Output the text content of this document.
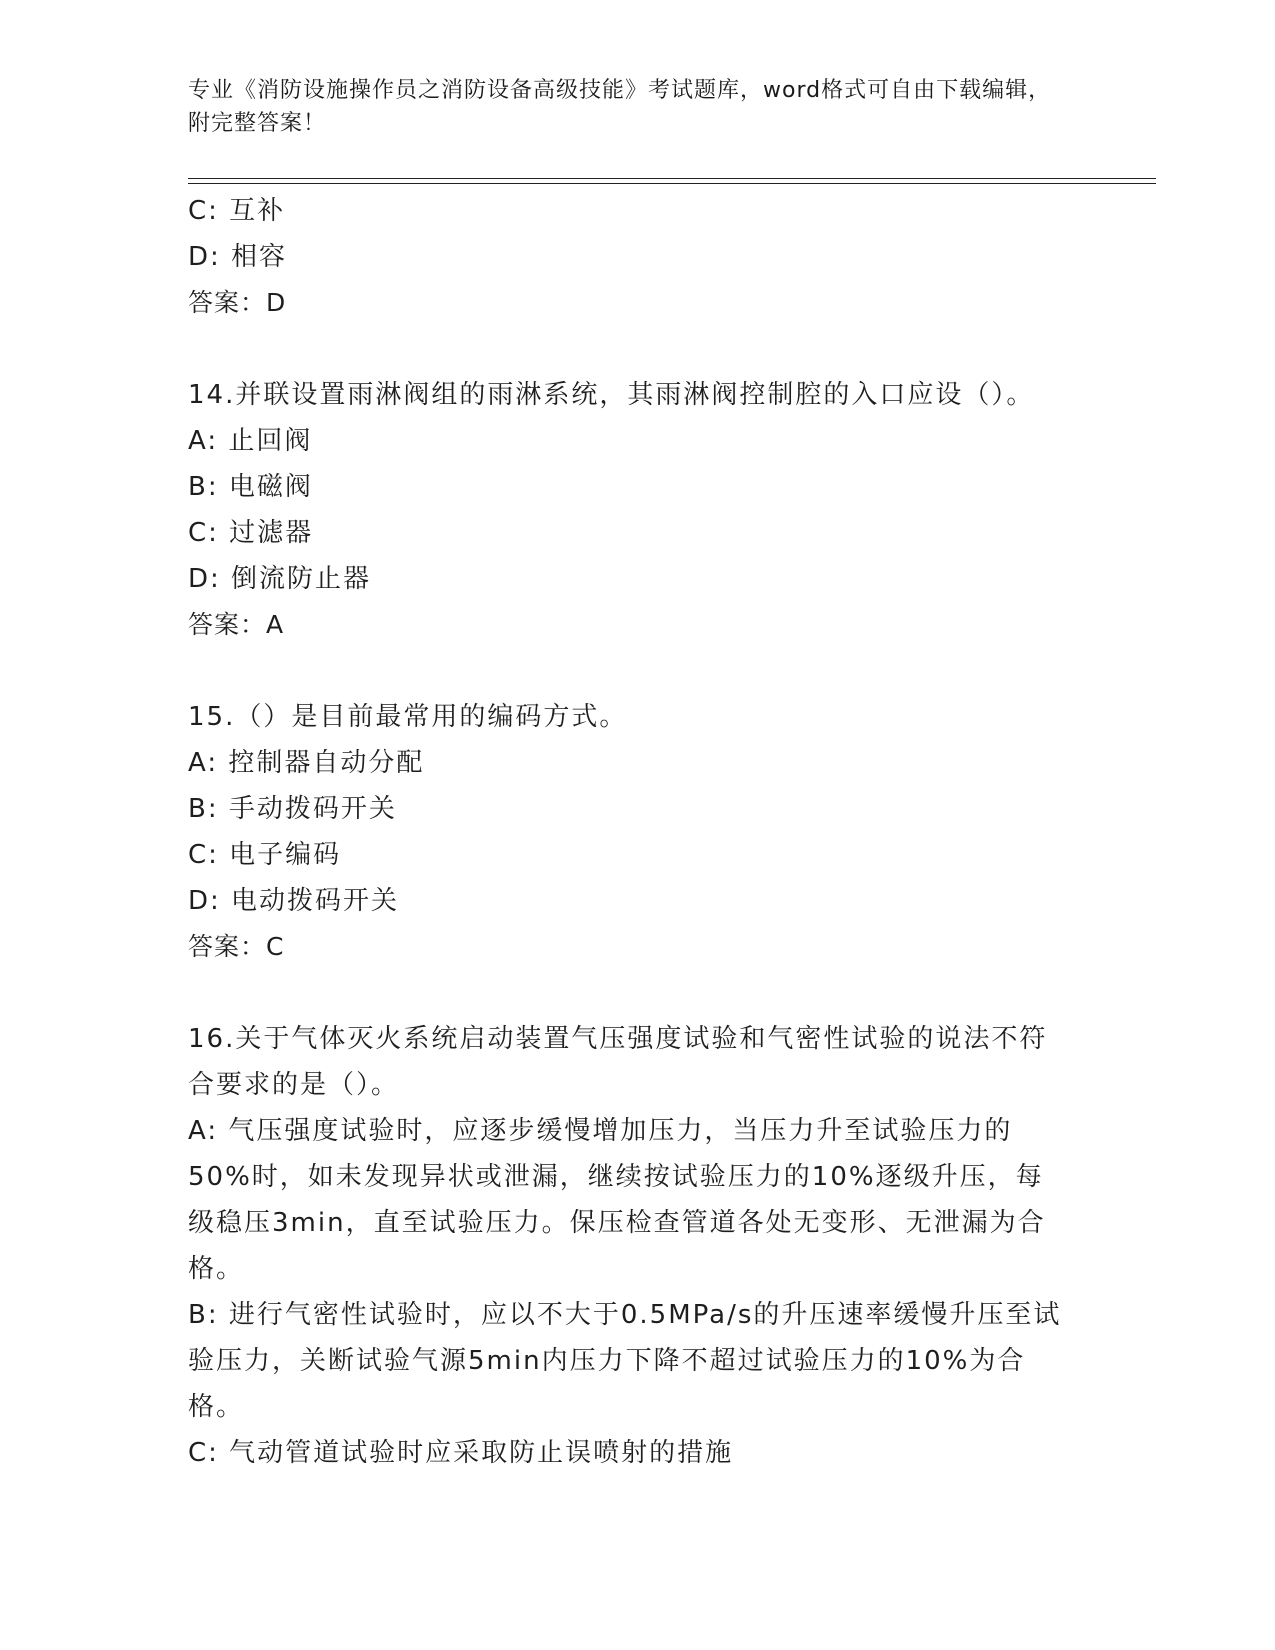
专业《消防设施操作员之消防设备高级技能》考试题库，word格式可自由下载编辑，附完整答案！
C: 互补
D: 相容
答案：D
14.并联设置雨淋阀组的雨淋系统，其雨淋阀控制腔的入口应设（）。
A: 止回阀
B: 电磁阀
C: 过滤器
D: 倒流防止器
答案：A
15.（）是目前最常用的编码方式。
A: 控制器自动分配
B: 手动拨码开关
C: 电子编码
D: 电动拨码开关
答案：C
16.关于气体灭火系统启动装置气压强度试验和气密性试验的说法不符合要求的是（）。
A: 气压强度试验时，应逐步缓慢增加压力，当压力升至试验压力的50%时，如未发现异状或泄漏，继续按试验压力的10%逐级升压，每级稳压3min，直至试验压力。保压检查管道各处无变形、无泄漏为合格。
B: 进行气密性试验时，应以不大于0.5MPa/s的升压速率缓慢升压至试验压力，关断试验气源5min内压力下降不超过试验压力的10%为合格。
C: 气动管道试验时应采取防止误喷射的措施
